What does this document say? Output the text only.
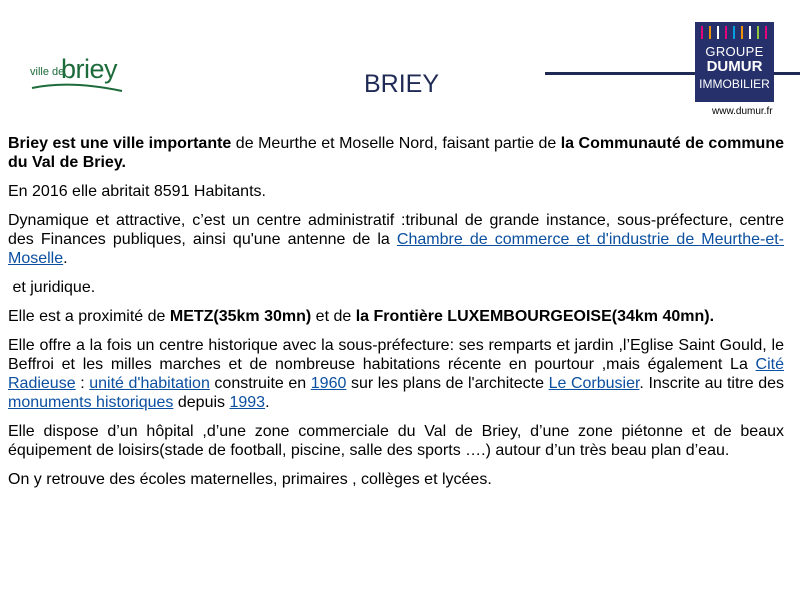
ville de
briey	BRIEY
GROUPE
DUMUR
IMMOBILIER
www.dumur.fr

Briey est une ville importante de Meurthe et Moselle Nord, faisant partie de la Communauté de commune du Val de Briey.

En 2016 elle abritait 8591 Habitants.

Dynamique et attractive, c’est un centre administratif :tribunal de grande instance, sous-préfecture, centre des Finances publiques, ainsi qu'une antenne de la Chambre de commerce et d'industrie de Meurthe-et-Moselle.

et juridique.

Elle est a proximité de METZ(35km 30mn) et de la Frontière LUXEMBOURGEOISE(34km 40mn).

Elle offre a la fois un centre historique avec la sous-préfecture: ses remparts et jardin ,l’Eglise Saint Gould, le Beffroi et les milles marches et de nombreuse habitations récente en pourtour ,mais également La Cité Radieuse : unité d'habitation construite en 1960 sur les plans de l'architecte Le Corbusier. Inscrite au titre des monuments historiques depuis 1993.

Elle dispose d’un hôpital ,d’une zone commerciale du Val de Briey, d’une zone piétonne et de beaux équipement de loisirs(stade de football, piscine, salle des sports ….) autour d’un très beau plan d’eau.

On y retrouve des écoles maternelles, primaires , collèges et lycées.
